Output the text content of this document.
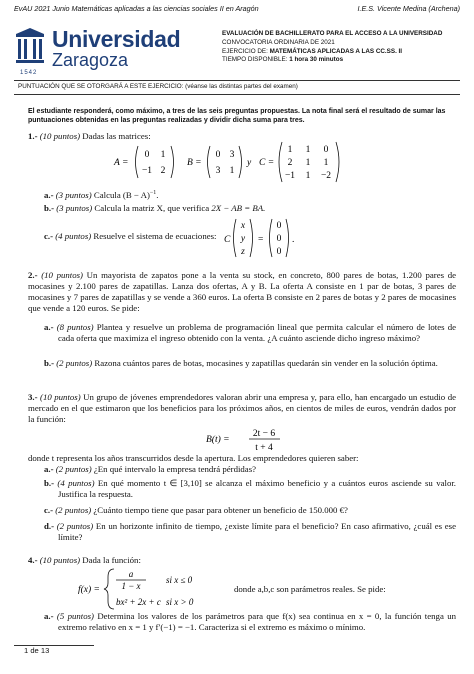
EvAU 2021 Junio Matemáticas aplicadas a las ciencias sociales II en Aragón	I.E.S. Vicente Medina (Archena)
Universidad
Zaragoza
1542
EVALUACIÓN DE BACHILLERATO PARA EL ACCESO A LA UNIVERSIDAD
CONVOCATORIA ORDINARIA DE 2021
EJERCICIO DE: MATEMÁTICAS APLICADAS A LAS CC.SS. II
TIEMPO DISPONIBLE: 1 hora 30 minutos
PUNTUACIÓN QUE SE OTORGARÁ A ESTE EJERCICIO: (véanse las distintas partes del examen)
El estudiante responderá, como máximo, a tres de las seis preguntas propuestas. La nota final será el resultado de sumar las puntuaciones obtenidas en las preguntas realizadas y dividir dicha suma para tres.
1.- (10 puntos) Dadas las matrices:
A =
0 1
−1 2
B =
0 3
3 1
y C =
1 1 0
2 1 1
−1 1 −2
a.- (3 puntos) Calcula $(B - A)^{-1}$.
b.- (3 puntos) Calcula la matriz X, que verifica 2X − AB = BA.
c.- (4 puntos) Resuelve el sistema de ecuaciones: C
x
y
z
=
0
0
0
.
2.- (10 puntos) Un mayorista de zapatos pone a la venta su stock, en concreto, 800 pares de botas, 1.200 pares de mocasines y 2.100 pares de zapatillas. Lanza dos ofertas, A y B. La oferta A consiste en 1 par de botas, 3 pares de mocasines y 7 pares de zapatillas y se vende a 360 euros. La oferta B consiste en 2 pares de botas y 2 pares de mocasines que vende a 120 euros. Se pide:
a.- (8 puntos) Plantea y resuelve un problema de programación lineal que permita calcular el número de lotes de cada oferta que maximiza el ingreso obtenido con la venta. ¿A cuánto asciende dicho ingreso máximo?
b.- (2 puntos) Razona cuántos pares de botas, mocasines y zapatillas quedarán sin vender en la solución óptima.
3.- (10 puntos) Un grupo de jóvenes emprendedores valoran abrir una empresa y, para ello, han encargado un estudio de mercado en el que estimaron que los beneficios para los próximos años, en cientos de miles de euros, vendrán dados por la función:
B(t) =
2t − 6
t + 4
donde t representa los años transcurridos desde la apertura. Los emprendedores quieren saber:
a.- (2 puntos) ¿En qué intervalo la empresa tendrá pérdidas?
b.- (4 puntos) En qué momento t ∈ [3,10] se alcanza el máximo beneficio y a cuántos euros asciende su valor. Justifica la respuesta.
c.- (2 puntos) ¿Cuánto tiempo tiene que pasar para obtener un beneficio de 150.000 €?
d.- (2 puntos) En un horizonte infinito de tiempo, ¿existe límite para el beneficio? En caso afirmativo, ¿cuál es ese límite?
4.- (10 puntos) Dada la función:
f(x) =
a
1 − x
si x ≤ 0
bx² + 2x + c si x > 0
donde a,b,c son parámetros reales. Se pide:
a.- (5 puntos) Determina los valores de los parámetros para que f(x) sea continua en x = 0, la función tenga un extremo relativo en x = 1 y f′(−1) = −1. Caracteriza si el extremo es máximo o mínimo.
1 de 13
